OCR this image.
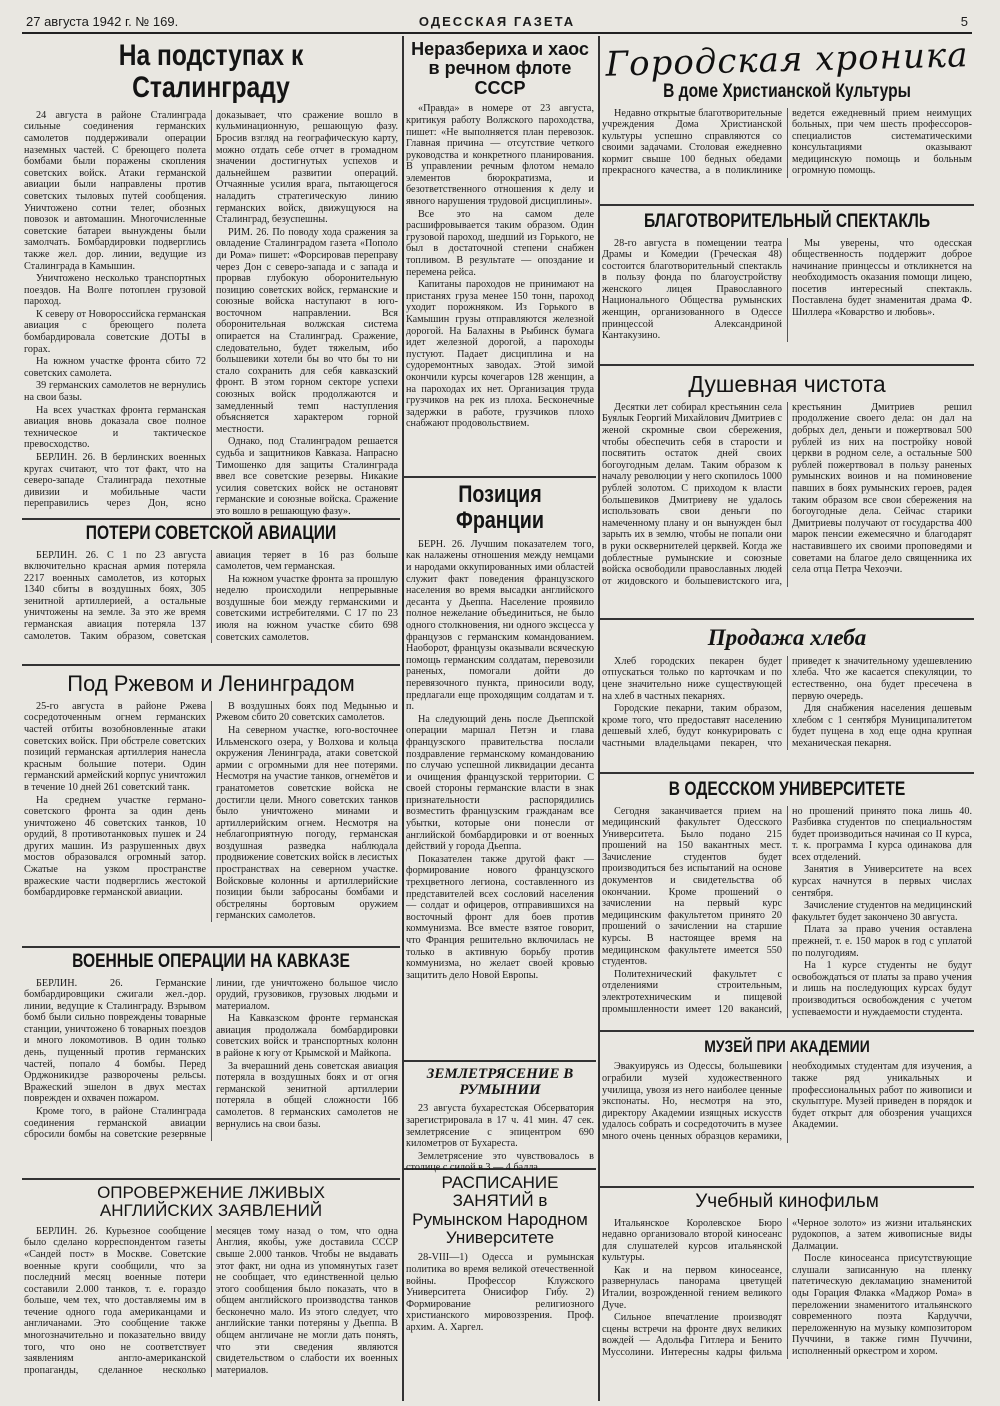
27 августа 1942 г. № 169.	ОДЕССКАЯ ГАЗЕТА	5
На подступах к Сталинграду

24 августа в районе Сталинграда сильные соединения германских самолетов поддерживали операции наземных частей. С бреющего полета бомбами были поражены скопления советских войск. Атаки германской авиации были направлены против советских тыловых путей сообщения. Уничтожено сотни телег, обозных повозок и автомашин. Многочисленные советские батареи вынуждены были замолчать. Бомбардировки подверглись также жел. дор. линии, ведущие из Сталинграда в Камышин.

Уничтожено несколько транспортных поездов. На Волге потоплен грузовой пароход.

К северу от Новороссийска германская авиация с бреющего полета бомбардировала советские ДОТЫ в горах.

На южном участке фронта сбито 72 советских самолета.

39 германских самолетов не вернулись на свои базы.

На всех участках фронта германская авиация вновь доказала свое полное техническое и тактическое превосходство.

БЕРЛИН. 26. В берлинских военных кругах считают, что тот факт, что на северо-западе Сталинграда пехотные дивизии и мобильные части переправились через Дон, ясно доказывает, что сражение вошло в кульминационную, решающую фазу. Бросив взгляд на географическую карту, можно отдать себе отчет в громадном значении достигнутых успехов и дальнейшем развитии операций. Отчаянные усилия врага, пытающегося наладить стратегическую линию германских войск, движущуюся на Сталинград, безуспешны.

РИМ. 26. По поводу хода сражения за овладение Сталинградом газета «Пополо ди Рома» пишет: «Форсировав переправу через Дон с северо-запада и с запада и прорвав глубокую оборонительную позицию советских войск, германские и союзные войска наступают в юго-восточном направлении. Вся оборонительная волжская система опирается на Сталинград. Сражение, следовательно, будет тяжелым, ибо большевики хотели бы во что бы то ни стало сохранить для себя кавказский фронт. В этом горном секторе успехи союзных войск продолжаются и замедленный темп наступления объясняется характером горной местности.

Однако, под Сталинградом решается судьба и защитников Кавказа. Напрасно Тимошенко для защиты Сталинграда ввел все советские резервы. Никакие усилия советских войск не остановят германские и союзные войска. Сражение это вошло в решающую фазу».

ПОТЕРИ СОВЕТСКОЙ АВИАЦИИ

БЕРЛИН. 26. С 1 по 23 августа включительно красная армия потеряла 2217 военных самолетов, из которых 1340 сбиты в воздушных боях, 305 зенитной артиллерией, а остальные уничтожены на земле. За это же время германская авиация потеряла 137 самолетов. Таким образом, советская авиация теряет в 16 раз больше самолетов, чем германская.

На южном участке фронта за прошлую неделю происходили непрерывные воздушные бои между германскими и советскими истребителями. С 17 по 23 июля на южном участке сбито 698 советских самолетов.

Под Ржевом и Ленинградом

25-го августа в районе Ржева сосредоточенным огнем германских частей отбиты возобновленные атаки советских войск. При обстреле советских позиций германская артиллерия нанесла красным большие потери. Один германский армейский корпус уничтожил в течение 10 дней 261 советский танк.

На среднем участке германо-советского фронта за один день уничтожено 46 советских танков, 10 орудий, 8 противотанковых пушек и 24 других машин. Из разрушенных двух мостов образовался огромный затор. Сжатые на узком пространстве вражеские части подверглись жестокой бомбардировке германской авиации.

В воздушных боях под Медынью и Ржевом сбито 20 советских самолетов.

На северном участке, юго-восточнее Ильменского озера, у Волхова и кольца окружения Ленинграда, атаки советской армии с огромными для нее потерями. Несмотря на участие танков, огнемётов и гранатометов советские войска не достигли цели. Много советских танков было уничтожено минами и артиллерийским огнем. Несмотря на неблагоприятную погоду, германская воздушная разведка наблюдала продвижение советских войск в лесистых пространствах на северном участке. Войсковые колонны и артиллерийские позиции были забросаны бомбами и обстреляны бортовым оружием германских самолетов.

ВОЕННЫЕ ОПЕРАЦИИ НА КАВКАЗЕ

БЕРЛИН. 26. Германские бомбардировщики сжигали жел.-дор. линии, ведущие к Сталинграду. Взрывом бомб были сильно повреждены товарные станции, уничтожено 6 товарных поездов и много локомотивов. В один только день, пущенный против германских частей, попало 4 бомбы. Перед Орджоникидзе разворочены рельсы. Вражеский эшелон в двух местах поврежден и охвачен пожаром.

Кроме того, в районе Сталинграда соединения германской авиации сбросили бомбы на советские резервные линии, где уничтожено большое число орудий, грузовиков, грузовых людьми и материалом.

На Кавказском фронте германская авиация продолжала бомбардировки советских войск и транспортных колонн в районе к югу от Крымской и Майкопа.

За вчерашний день советская авиация потеряла в воздушных боях и от огня германской зенитной артиллерии потеряла в общей сложности 166 самолетов. 8 германских самолетов не вернулись на свои базы.

ОПРОВЕРЖЕНИЕ ЛЖИВЫХ АНГЛИЙСКИХ ЗАЯВЛЕНИЙ

БЕРЛИН. 26. Курьезное сообщение было сделано корреспондентом газеты «Сандей пост» в Москве. Советские военные круги сообщили, что за последний месяц военные потери составили 2.000 танков, т. е. гораздо больше, чем тех, что доставляемы им в течение одного года американцами и англичанами. Это сообщение также многозначительно и показательно ввиду того, что оно не соответствует заявлениям англо-американской пропаганды, сделанное несколько месяцев тому назад о том, что одна Англия, якобы, уже доставила СССР свыше 2.000 танков. Чтобы не выдавать этот факт, ни одна из упомянутых газет не сообщает, что единственной целью этого сообщения было показать, что в общем английского производства танков бесконечно мало. Из этого следует, что английские танки потеряны у Дьеппа. В общем англичане не могли дать понять, что эти сведения являются свидетельством о слабости их военных материалов.

Неразбериха и хаос в речном флоте СССР

«Правда» в номере от 23 августа, критикуя работу Волжского пароходства, пишет: «Не выполняется план перевозок. Главная причина — отсутствие четкого руководства и конкретного планирования. В управлении речным флотом немало элементов бюрократизма, и безответственного отношения к делу и явного нарушения трудовой дисциплины».

Все это на самом деле расшифровывается таким образом. Один грузовой пароход, шедший из Горького, не был в достаточной степени снабжен топливом. В результате — опоздание и перемена рейса.

Капитаны пароходов не принимают на пристанях груза менее 150 тонн, пароход уходит порожняком. Из Горького в Камышин грузы отправляются железной дорогой. На Балахны в Рыбинск бумага идет железной дорогой, а пароходы пустуют. Падает дисциплина и на судоремонтных заводах. Этой зимой окончили курсы кочегаров 128 женщин, а на пароходах их нет. Организация труда грузчиков на рек из плоха. Бесконечные задержки в работе, грузчиков плохо снабжают продовольствием.

Позиция Франции

БЕРН. 26. Лучшим показателем того, как налажены отношения между немцами и народами оккупированных ими областей служит факт поведения французского населения во время высадки английского десанта у Дьеппа. Население проявило полное нежелание объединиться, не было одного столкновения, ни одного эксцесса у французов с германским командованием. Наоборот, французы оказывали всяческую помощь германским солдатам, перевозили раненых, помогали дойти до перевязочного пункта, приносили воду, предлагали еще проходящим солдатам и т. п.

На следующий день после Дьеппской операции маршал Петэн и глава французского правительства послали поздравление германскому командованию по случаю успешной ликвидации десанта и очищения французской территории. С своей стороны германские власти в знак признательности распорядились возместить французским гражданам все убытки, которые они понесли от английской бомбардировки и от военных действий у города Дьеппа.

Показателен также другой факт — формирование нового французского трехцветного легиона, составленного из представителей всех сословий населения — солдат и офицеров, отправившихся на восточный фронт для боев против коммунизма. Все вместе взятое говорит, что Франция решительно включилась не только в активную борьбу против коммунизма, но желает своей кровью защитить дело Новой Европы.

ЗЕМЛЕТРЯСЕНИЕ В РУМЫНИИ

23 августа бухарестская Обсерватория зарегистрировала в 17 ч. 41 мин. 47 сек. землетрясение с эпицентром 690 километров от Бухареста.

Землетрясение это чувствовалось в столице с силой в 3 — 4 балла.

РАСПИСАНИЕ ЗАНЯТИЙ в Румынском Народном Университете

28-VIII—1) Одесса и румынская политика во время великой отечественной войны. Профессор Клужского Университета Онисифор Гибу. 2) Формирование религиозного христианского мировоззрения. Проф. архим. А. Харгел.

Городская хроника
В доме Христианской Культуры

Недавно открытые благотворительные учреждения Дома Христианской культуры успешно справляются со своими задачами. Столовая ежедневно кормит свыше 100 бедных обедами прекрасного качества, а в поликлинике ведется ежедневный прием неимущих больных, при чем шесть профессоров-специалистов систематическими консультациями оказывают медицинскую помощь и больным огромную помощь.

БЛАГОТВОРИТЕЛЬНЫЙ СПЕКТАКЛЬ

28-го августа в помещении театра Драмы и Комедии (Греческая 48) состоится благотворительный спектакль в пользу фонда по благоустройству женского лицея Православного Национального Общества румынских женщин, организованного в Одессе принцессой Александриной Кантакузино.

Мы уверены, что одесская общественность поддержит доброе начинание принцессы и откликнется на необходимость оказания помощи лицею, посетив интересный спектакль. Поставлена будет знаменитая драма Ф. Шиллера «Коварство и любовь».

Душевная чистота

Десятки лет собирал крестьянин села Буялык Георгий Михайлович Дмитриев с женой скромные свои сбережения, чтобы обеспечить себя в старости и посвятить остаток дней своих богоугодным делам. Таким образом к началу революции у него скопилось 1000 рублей золотом. С приходом к власти большевиков Дмитриеву не удалось использовать свои деньги по намеченному плану и он вынужден был зарыть их в землю, чтобы не попали они в руки осквернителей церквей. Когда же доблестные румынские и союзные войска освободили православных людей от жидовского и большевистского ига, крестьянин Дмитриев решил продолжение своего дела: он дал на добрых дел, деньги и пожертвовал 500 рублей из них на постройку новой церкви в родном селе, а остальные 500 рублей пожертвовал в пользу раненых румынских воинов и на поминовение павших в боях румынских героев, радея таким образом все свои сбережения на богоугодные дела. Сейчас старики Дмитриевы получают от государства 400 марок пенсии ежемесячно и благодарят наставившего их своими проповедями и советами на благое дело священника их села отца Петра Чехоэчи.

Продажа хлеба

Хлеб городских пекарен будет отпускаться только по карточкам и по цене значительно ниже существующей на хлеб в частных пекарнях.

Городские пекарни, таким образом, кроме того, что предоставят населению дешевый хлеб, будут конкурировать с частными владельцами пекарен, что приведет к значительному удешевлению хлеба. Что же касается спекуляции, то естественно, она будет пресечена в первую очередь.

Для снабжения населения дешевым хлебом с 1 сентября Муниципалитетом будет пущена в ход еще одна крупная механическая пекарня.

В ОДЕССКОМ УНИВЕРСИТЕТЕ

Сегодня заканчивается прием на медицинский факультет Одесского Университета. Было подано 215 прошений на 150 вакантных мест. Зачисление студентов будет производиться без испытаний на основе документов и свидетельства об окончании. Кроме прошений о зачислении на первый курс медицинским факультетом принято 20 прошений о зачислении на старшие курсы. В настоящее время на медицинском факультете имеется 550 студентов.

Политехнический факультет с отделениями строительным, электротехническим и пищевой промышленности имеет 120 вакансий, но прошений принято пока лишь 40. Разбивка студентов по специальностям будет производиться начиная со II курса, т. к. программа I курса одинакова для всех отделений.

Занятия в Университете на всех курсах начнутся в первых числах сентября.

Зачисление студентов на медицинский факультет будет закончено 30 августа.

Плата за право учения оставлена прежней, т. е. 150 марок в год с уплатой по полугодиям.

На 1 курсе студенты не будут освобождаться от платы за право учения и лишь на последующих курсах будут производиться освобождения с учетом успеваемости и нуждаемости студента.

МУЗЕЙ ПРИ АКАДЕМИИ

Эвакуируясь из Одессы, большевики ограбили музей художественного училища, увозя из него наиболее ценные экспонаты. Но, несмотря на это, директору Академии изящных искусств удалось собрать и сосредоточить в музее много очень ценных образцов керамики, необходимых студентам для изучения, а также ряд уникальных и профессиональных работ по живописи и скульптуре. Музей приведен в порядок и будет открыт для обозрения учащихся Академии.

Учебный кинофильм

Итальянское Королевское Бюро недавно организовало второй киносеанс для слушателей курсов итальянской культуры.

Как и на первом киносеансе, развернулась панорама цветущей Италии, возрожденной гением великого Дуче.

Сильное впечатление производят сцены встречи на фронте двух великих вождей — Адольфа Гитлера и Бенито Муссолини. Интересны кадры фильма «Черное золото» из жизни итальянских рудокопов, а затем живописные виды Далмации.

После киносеанса присутствующие слушали записанную на пленку патетическую декламацию знаменитой оды Горация Флакка «Маджор Рома» в переложении знаменитого итальянского современного поэта Кардуччи, переложенную на музыку композитором Пуччини, в также гимн Пуччини, исполненный оркестром и хором.
